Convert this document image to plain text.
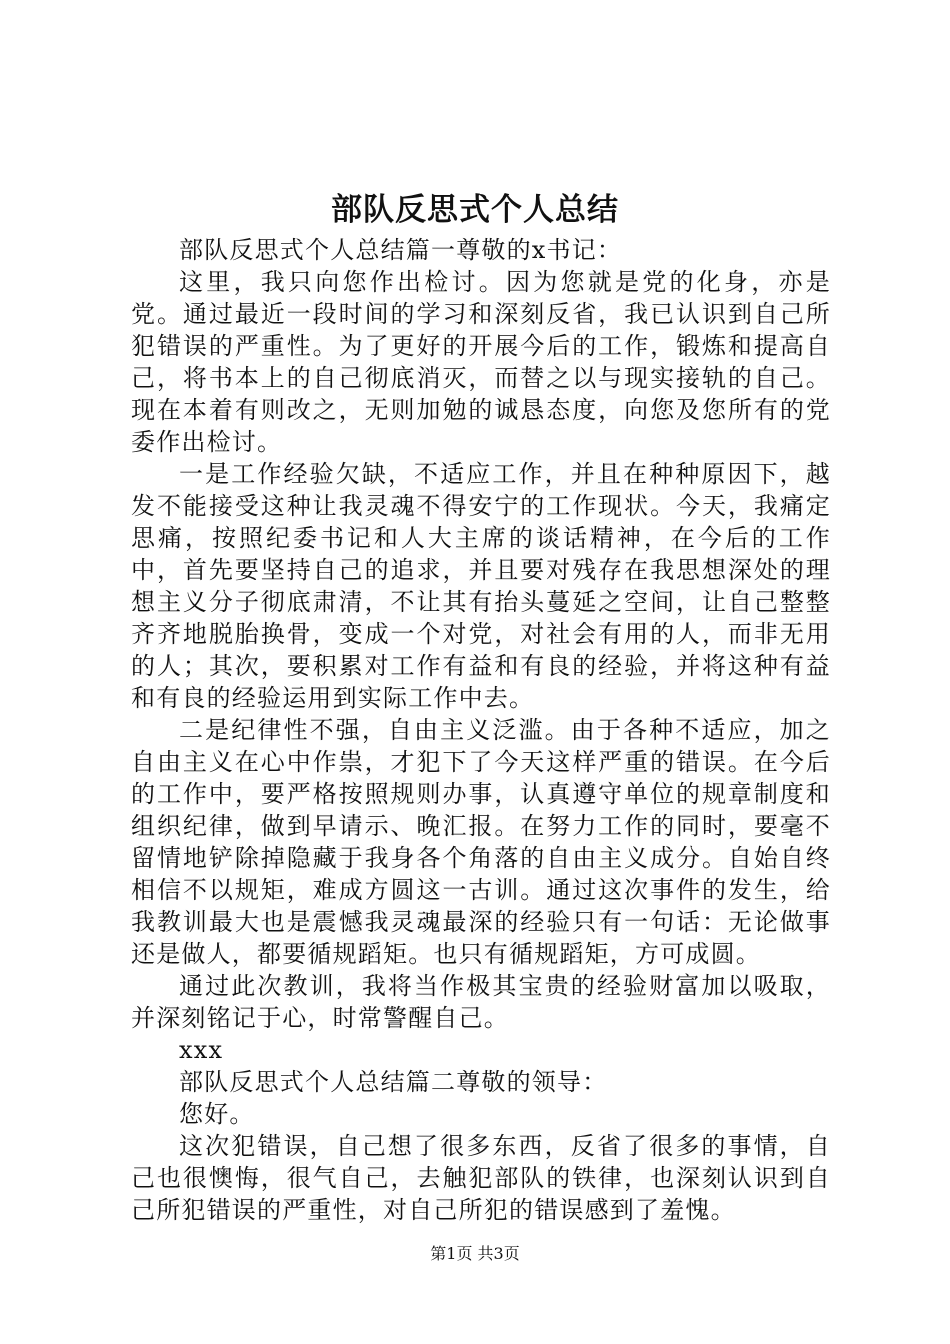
部队反思式个人总结

部队反思式个人总结篇一尊敬的x书记：

这里，我只向您作出检讨。因为您就是党的化身，亦是党。通过最近一段时间的学习和深刻反省，我已认识到自己所犯错误的严重性。为了更好的开展今后的工作，锻炼和提高自己，将书本上的自己彻底消灭，而替之以与现实接轨的自己。现在本着有则改之，无则加勉的诚恳态度，向您及您所有的党委作出检讨。

一是工作经验欠缺，不适应工作，并且在种种原因下，越发不能接受这种让我灵魂不得安宁的工作现状。今天，我痛定思痛，按照纪委书记和人大主席的谈话精神，在今后的工作中，首先要坚持自己的追求，并且要对残存在我思想深处的理想主义分子彻底肃清，不让其有抬头蔓延之空间，让自己整整齐齐地脱胎换骨，变成一个对党，对社会有用的人，而非无用的人；其次，要积累对工作有益和有良的经验，并将这种有益和有良的经验运用到实际工作中去。

二是纪律性不强，自由主义泛滥。由于各种不适应，加之自由主义在心中作祟，才犯下了今天这样严重的错误。在今后的工作中，要严格按照规则办事，认真遵守单位的规章制度和组织纪律，做到早请示、晚汇报。在努力工作的同时，要毫不留情地铲除掉隐藏于我身各个角落的自由主义成分。自始自终相信不以规矩，难成方圆这一古训。通过这次事件的发生，给我教训最大也是震憾我灵魂最深的经验只有一句话：无论做事还是做人，都要循规蹈矩。也只有循规蹈矩，方可成圆。

通过此次教训，我将当作极其宝贵的经验财富加以吸取，并深刻铭记于心，时常警醒自己。

xxx

部队反思式个人总结篇二尊敬的领导：

您好。

这次犯错误，自己想了很多东西，反省了很多的事情，自己也很懊悔，很气自己，去触犯部队的铁律，也深刻认识到自己所犯错误的严重性，对自己所犯的错误感到了羞愧。

第1页 共3页
